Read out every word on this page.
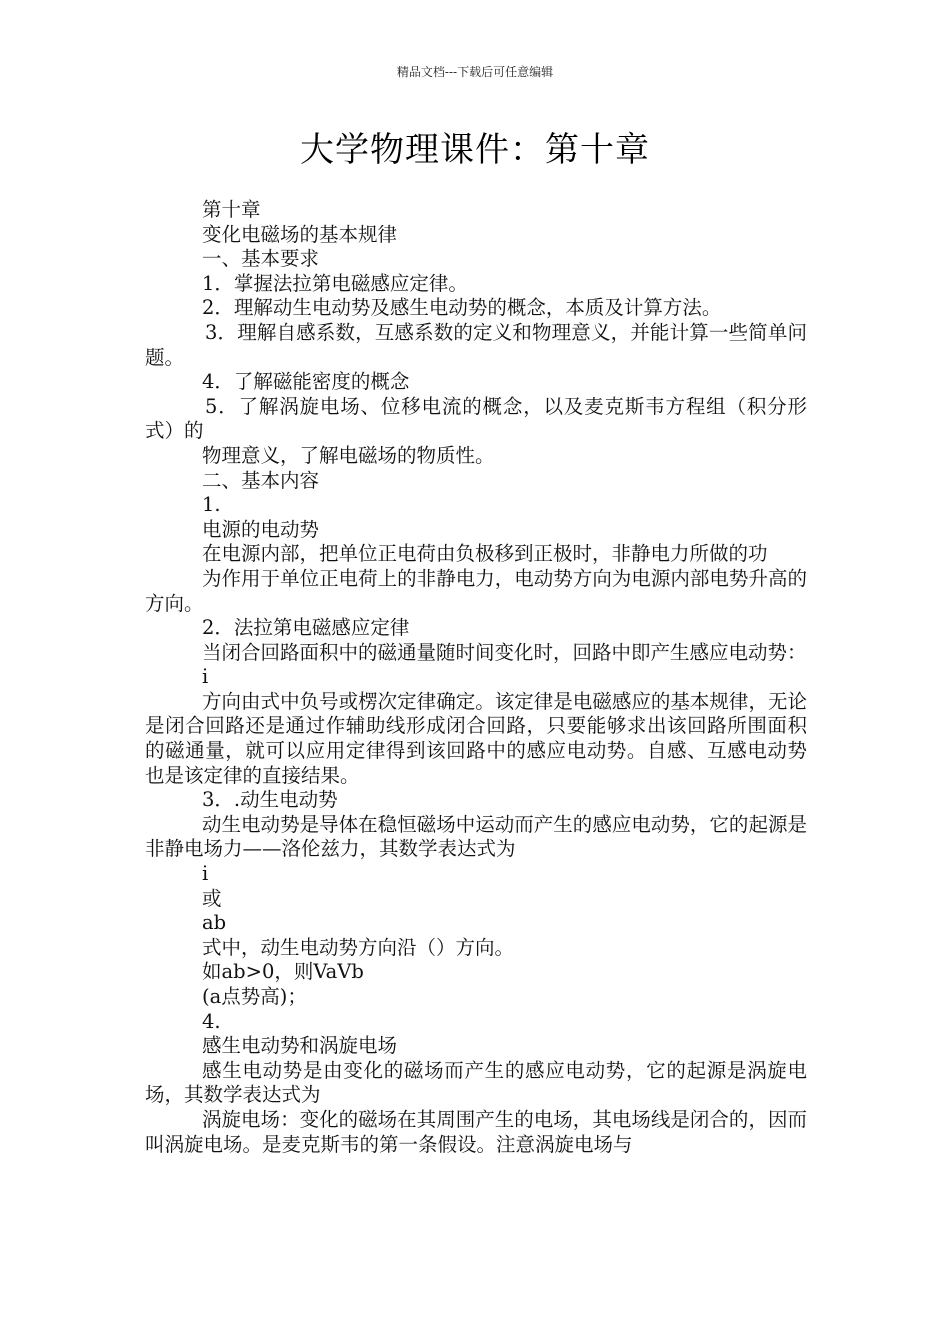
精品文档---下载后可任意编辑
大学物理课件：第十章

第十章

变化电磁场的基本规律

一、基本要求

1．掌握法拉第电磁感应定律。

2．理解动生电动势及感生电动势的概念，本质及计算方法。

3．理解自感系数，互感系数的定义和物理意义，并能计算一些简单问题。

4．了解磁能密度的概念

5．了解涡旋电场、位移电流的概念，以及麦克斯韦方程组（积分形式）的

物理意义，了解电磁场的物质性。

二、基本内容

1.

电源的电动势

在电源内部，把单位正电荷由负极移到正极时，非静电力所做的功

为作用于单位正电荷上的非静电力，电动势方向为电源内部电势升高的方向。

2．法拉第电磁感应定律

当闭合回路面积中的磁通量随时间变化时，回路中即产生感应电动势：

i

方向由式中负号或楞次定律确定。该定律是电磁感应的基本规律，无论是闭合回路还是通过作辅助线形成闭合回路，只要能够求出该回路所围面积的磁通量，就可以应用定律得到该回路中的感应电动势。自感、互感电动势也是该定律的直接结果。

3．.动生电动势

动生电动势是导体在稳恒磁场中运动而产生的感应电动势，它的起源是非静电场力——洛伦兹力，其数学表达式为

i

或

ab

式中，动生电动势方向沿（）方向。

如ab>0，则VaVb

(a点势高)；

4.

感生电动势和涡旋电场

感生电动势是由变化的磁场而产生的感应电动势，它的起源是涡旋电场，其数学表达式为

涡旋电场：变化的磁场在其周围产生的电场，其电场线是闭合的，因而叫涡旋电场。是麦克斯韦的第一条假设。注意涡旋电场与
